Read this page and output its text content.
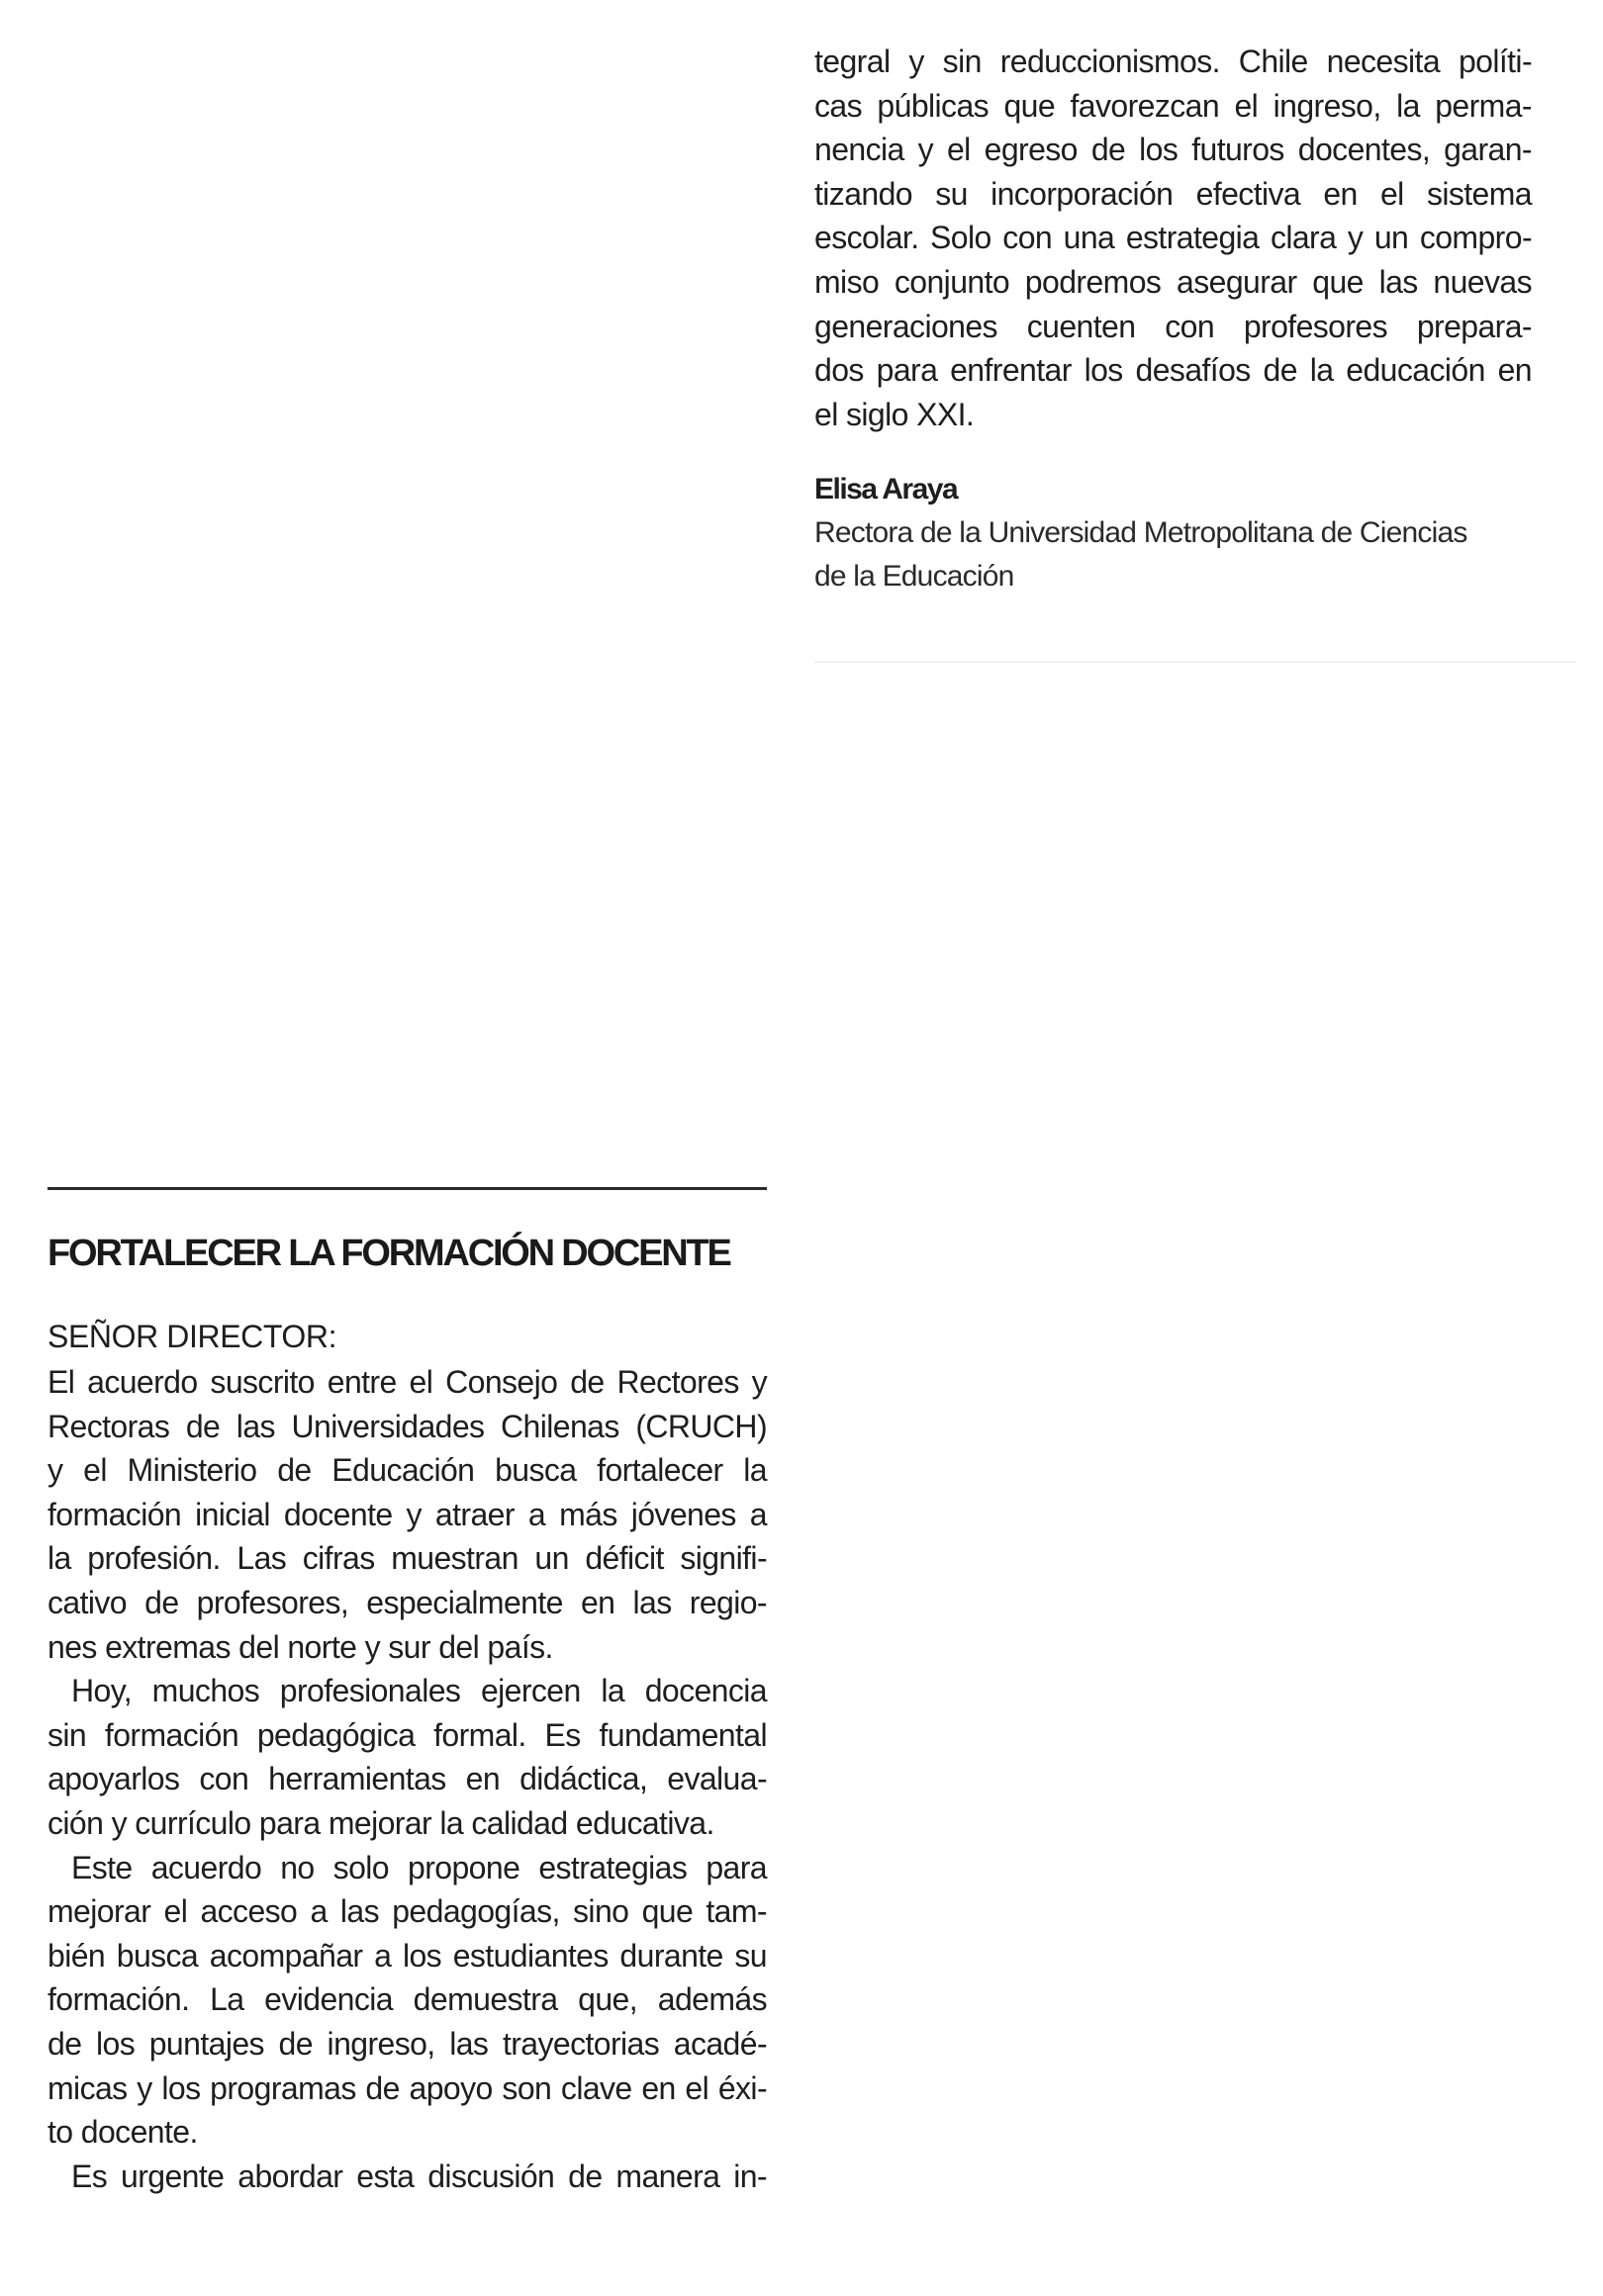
tegral y sin reduccionismos. Chile necesita políti-
cas públicas que favorezcan el ingreso, la perma-
nencia y el egreso de los futuros docentes, garan-
tizando su incorporación efectiva en el sistema
escolar. Solo con una estrategia clara y un compro-
miso conjunto podremos asegurar que las nuevas
generaciones cuenten con profesores prepara-
dos para enfrentar los desafíos de la educación en
el siglo XXI.
Elisa Araya
Rectora de la Universidad Metropolitana de Ciencias
de la Educación
FORTALECER LA FORMACIÓN DOCENTE
SEÑOR DIRECTOR:
El acuerdo suscrito entre el Consejo de Rectores y
Rectoras de las Universidades Chilenas (CRUCH)
y el Ministerio de Educación busca fortalecer la
formación inicial docente y atraer a más jóvenes a
la profesión. Las cifras muestran un déficit signifi-
cativo de profesores, especialmente en las regio-
nes extremas del norte y sur del país.
Hoy, muchos profesionales ejercen la docencia
sin formación pedagógica formal. Es fundamental
apoyarlos con herramientas en didáctica, evalua-
ción y currículo para mejorar la calidad educativa.
Este acuerdo no solo propone estrategias para
mejorar el acceso a las pedagogías, sino que tam-
bién busca acompañar a los estudiantes durante su
formación. La evidencia demuestra que, además
de los puntajes de ingreso, las trayectorias acadé-
micas y los programas de apoyo son clave en el éxi-
to docente.
Es urgente abordar esta discusión de manera in-
